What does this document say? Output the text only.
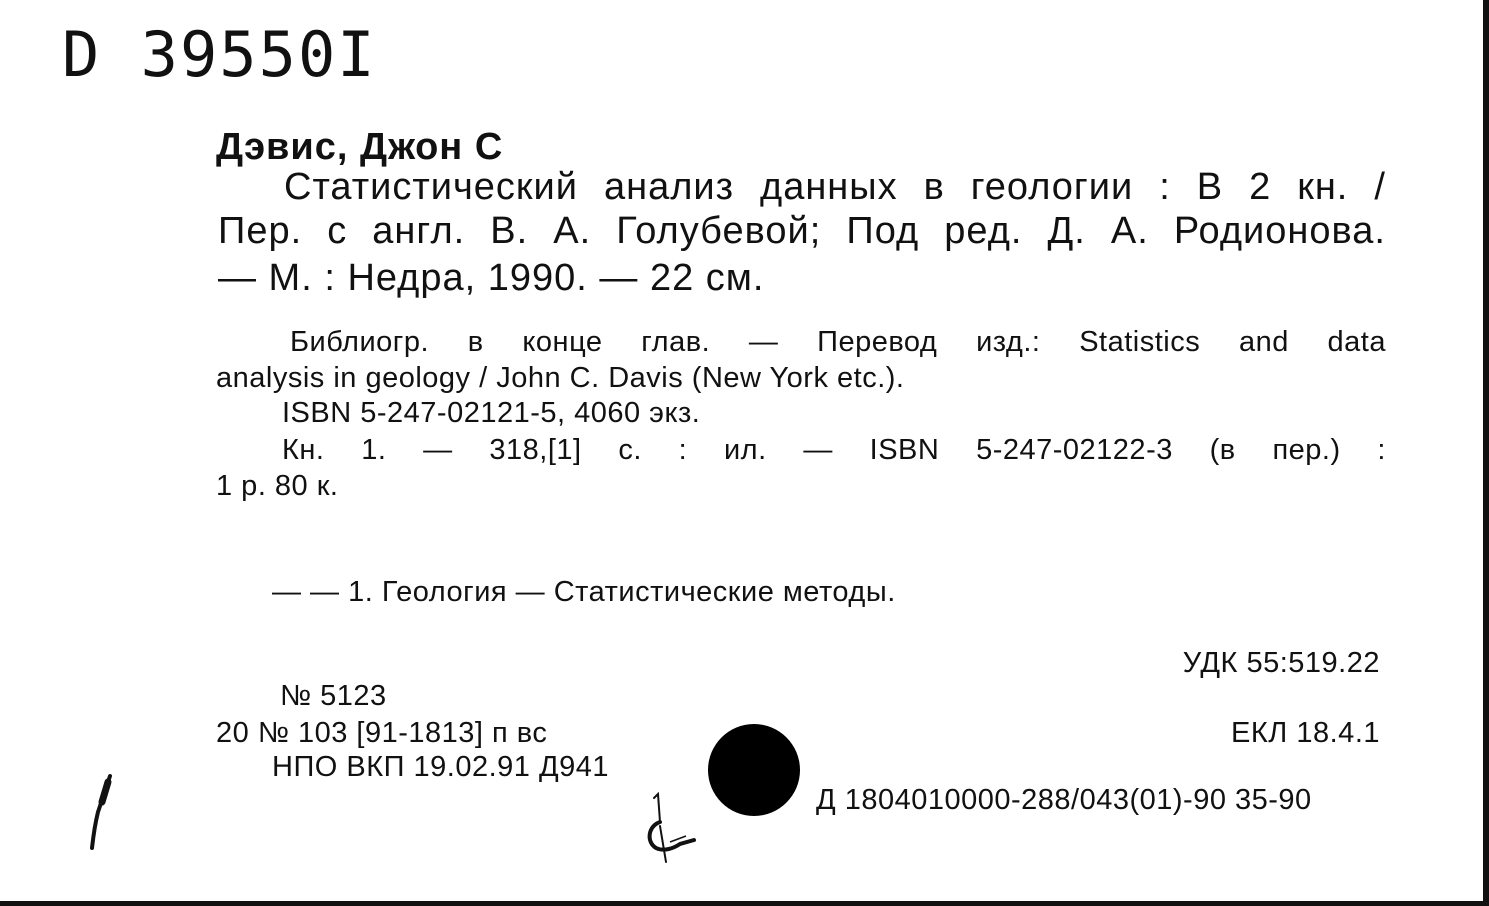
D 39550I
Дэвис, Джон С
Статистический анализ данных в геологии : В 2 кн. /
Пер. с англ. В. А. Голубевой; Под ред. Д. А. Родионова.
— М. : Недра, 1990. — 22 см.
Библиогр. в конце глав. — Перевод изд.: Statistics and data
analysis in geology / John C. Davis (New York etc.).
ISBN 5-247-02121-5, 4060 экз.
Кн. 1. — 318,[1] с. : ил. — ISBN 5-247-02122-3 (в пер.) :
1 р. 80 к.
— — 1. Геология — Статистические методы.
УДК 55:519.22
№ 5123
20 № 103 [91-1813] п вс	ЕКЛ 18.4.1
НПО ВКП 19.02.91 Д941
Д 1804010000-288/043(01)-90 35-90
